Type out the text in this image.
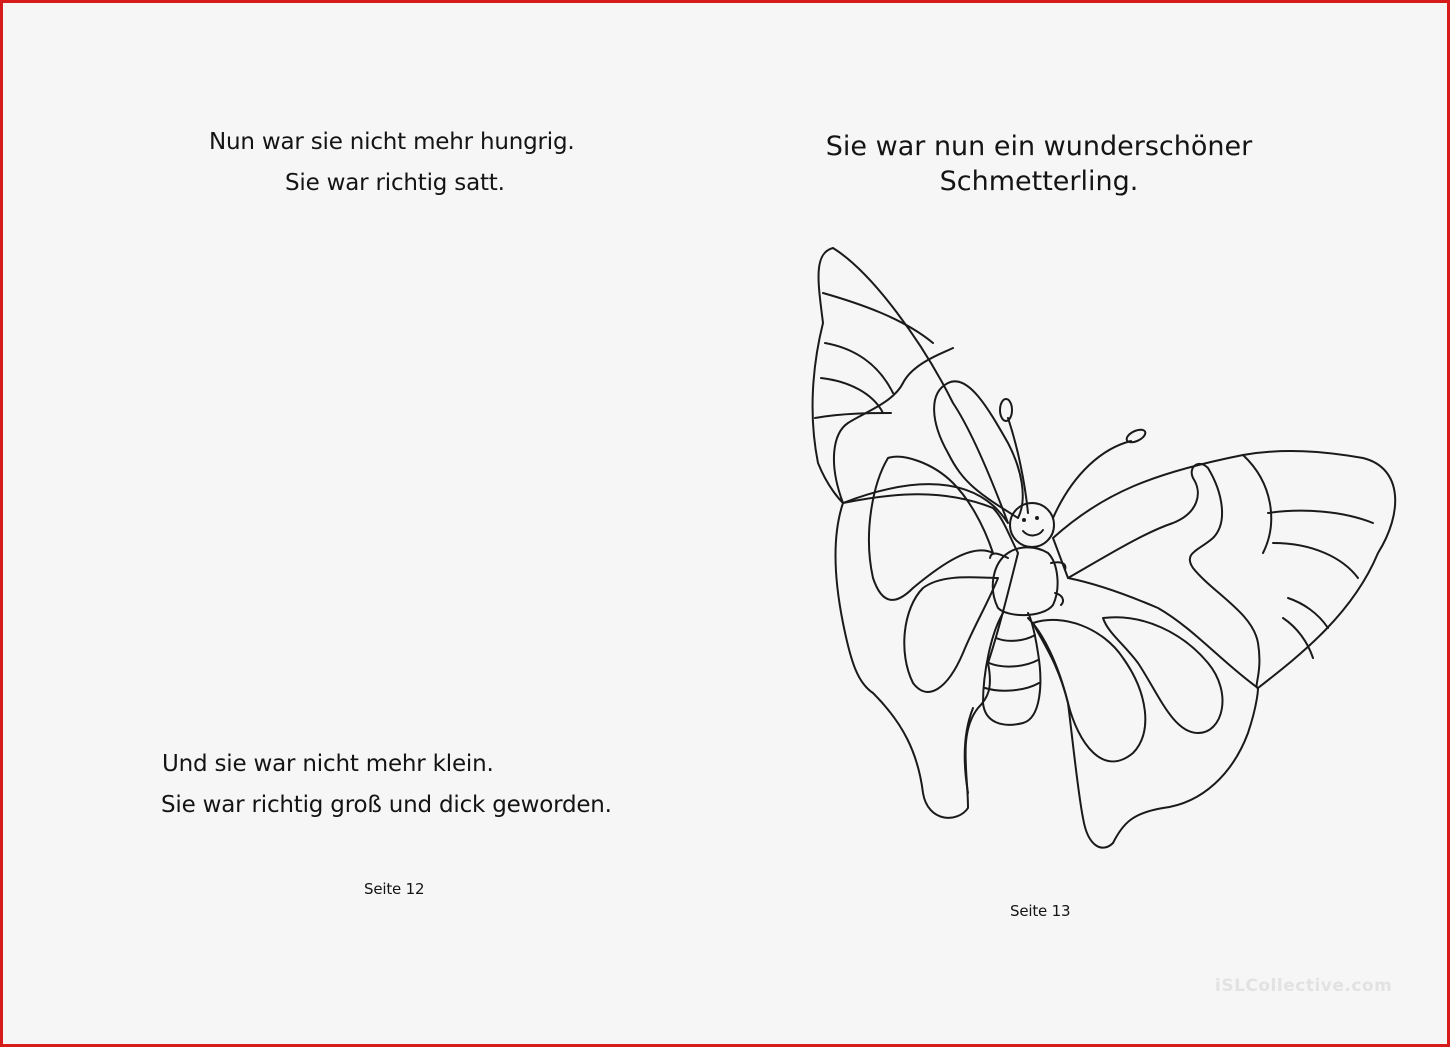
Nun war sie nicht mehr hungrig.
Sie war richtig satt.
Und sie war nicht mehr klein.
Sie war richtig groß und dick geworden.
Seite 12
Sie war nun ein wunderschöner Schmetterling.
Seite 13
iSLCollective.com
